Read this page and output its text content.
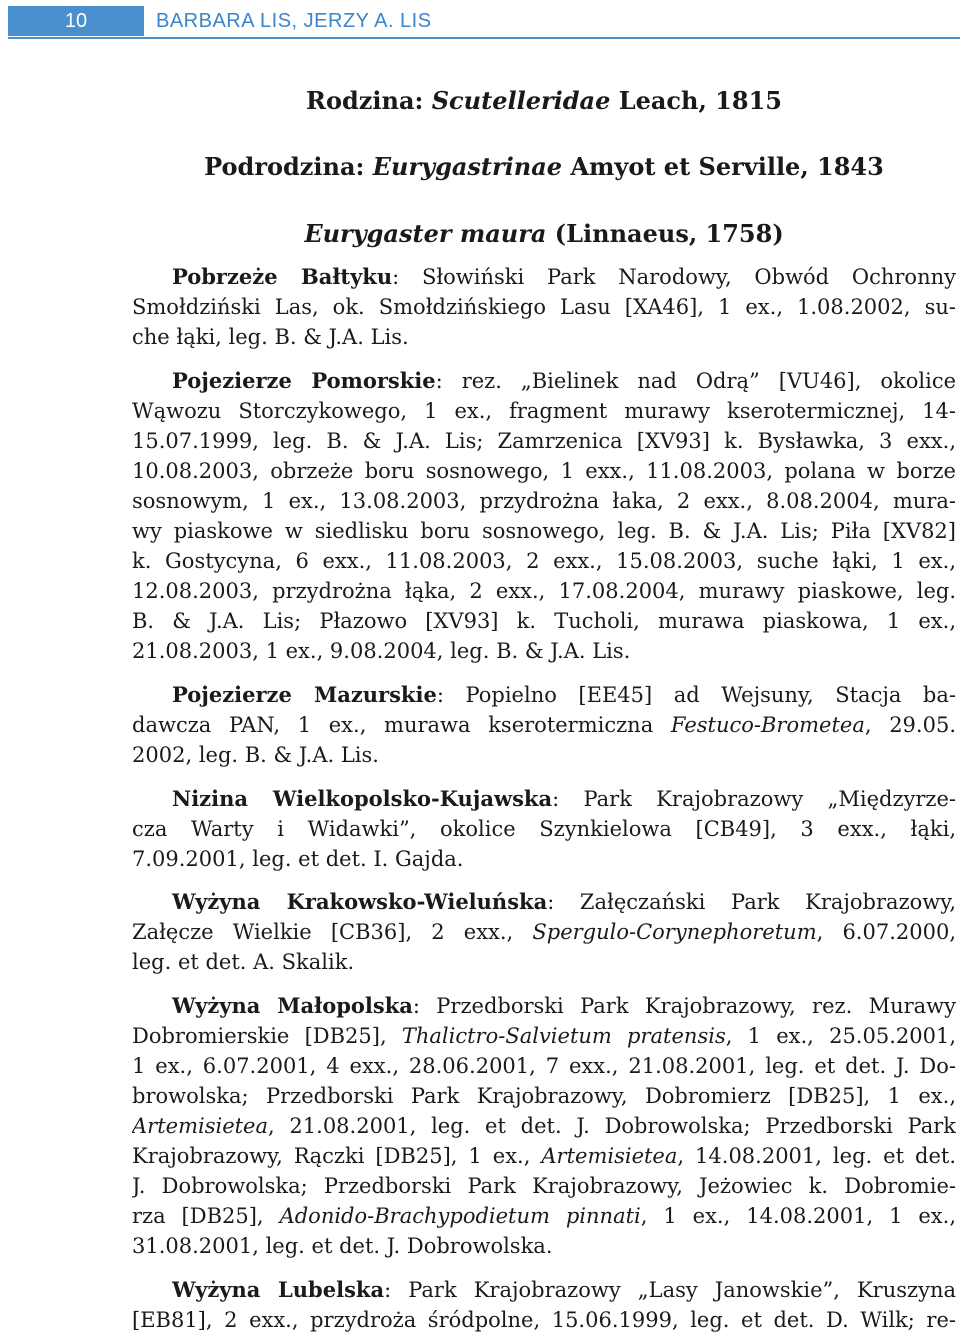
10	BARBARA LIS, JERZY A. LIS
Rodzina: Scutelleridae Leach, 1815
Podrodzina: Eurygastrinae Amyot et Serville, 1843
Eurygaster maura (Linnaeus, 1758)
Pobrzeże Bałtyku: Słowiński Park Narodowy, Obwód Ochronny
Smołdziński Las, ok. Smołdzińskiego Lasu [XA46], 1 ex., 1.08.2002, su-
che łąki, leg. B. & J.A. Lis.
Pojezierze Pomorskie: rez. „Bielinek nad Odrą” [VU46], okolice
Wąwozu Storczykowego, 1 ex., fragment murawy kserotermicznej, 14-
15.07.1999, leg. B. & J.A. Lis; Zamrzenica [XV93] k. Bysławka, 3 exx.,
10.08.2003, obrzeże boru sosnowego, 1 exx., 11.08.2003, polana w borze
sosnowym, 1 ex., 13.08.2003, przydrożna łaka, 2 exx., 8.08.2004, mura-
wy piaskowe w siedlisku boru sosnowego, leg. B. & J.A. Lis; Piła [XV82]
k. Gostycyna, 6 exx., 11.08.2003, 2 exx., 15.08.2003, suche łąki, 1 ex.,
12.08.2003, przydrożna łąka, 2 exx., 17.08.2004, murawy piaskowe, leg.
B. & J.A. Lis; Płazowo [XV93] k. Tucholi, murawa piaskowa, 1 ex.,
21.08.2003, 1 ex., 9.08.2004, leg. B. & J.A. Lis.
Pojezierze Mazurskie: Popielno [EE45] ad Wejsuny, Stacja ba-
dawcza PAN, 1 ex., murawa kserotermiczna Festuco-Brometea, 29.05.
2002, leg. B. & J.A. Lis.
Nizina Wielkopolsko-Kujawska: Park Krajobrazowy „Międzyrze-
cza Warty i Widawki”, okolice Szynkielowa [CB49], 3 exx., łąki,
7.09.2001, leg. et det. I. Gajda.
Wyżyna Krakowsko-Wieluńska: Załęczański Park Krajobrazowy,
Załęcze Wielkie [CB36], 2 exx., Spergulo-Corynephoretum, 6.07.2000,
leg. et det. A. Skalik.
Wyżyna Małopolska: Przedborski Park Krajobrazowy, rez. Murawy
Dobromierskie [DB25], Thalictro-Salvietum pratensis, 1 ex., 25.05.2001,
1 ex., 6.07.2001, 4 exx., 28.06.2001, 7 exx., 21.08.2001, leg. et det. J. Do-
browolska; Przedborski Park Krajobrazowy, Dobromierz [DB25], 1 ex.,
Artemisietea, 21.08.2001, leg. et det. J. Dobrowolska; Przedborski Park
Krajobrazowy, Rączki [DB25], 1 ex., Artemisietea, 14.08.2001, leg. et det.
J. Dobrowolska; Przedborski Park Krajobrazowy, Jeżowiec k. Dobromie-
rza [DB25], Adonido-Brachypodietum pinnati, 1 ex., 14.08.2001, 1 ex.,
31.08.2001, leg. et det. J. Dobrowolska.
Wyżyna Lubelska: Park Krajobrazowy „Lasy Janowskie”, Kruszyna
[EB81], 2 exx., przydroża śródpolne, 15.06.1999, leg. et det. D. Wilk; re-
